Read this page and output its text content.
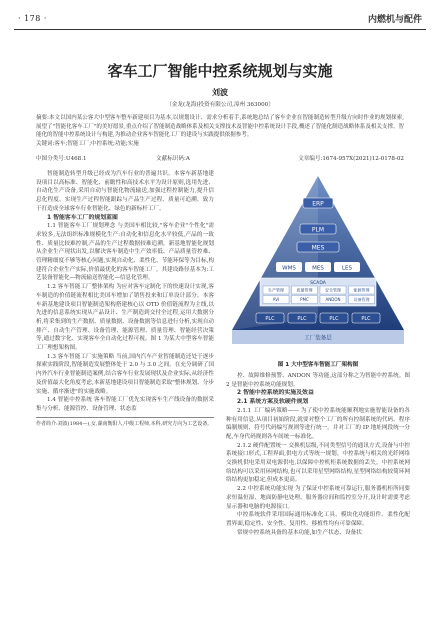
· 178 ·	内燃机与配件
客车工厂智能中控系统规划与实施
刘波
（金龙(龙海)投资有限公司,漳州 363000）
摘要:本文以国内某公客大中型客车整车新建项目为基本,以规划设计、需求分析着手,系统地总结了客车企业在智能制造转型升级方向时作业的规划探索,展望了"智能化客车工厂"的美好愿景,重点介绍了智能制造战略体系及相关支撑技术及智能中控系统设计手段,概述了智能化制造战略体系及相关支撑。智能化的智能中控系统设计与构建,为推动企业客车智能化工厂的建设与实践提供依据参考。
关键词:客车;智能工厂;中控系统;功能;实施
中图分类号:U468.1	文献标识码:A	文章编号:1674-957X(2021)12-0178-02

智能制造转型升级已经成为汽车行业的普遍共识。本客车新基地建设项目以高标准、智能化、前瞻性和高技术水平为设计原则,选用先进、自动化生产设备,采用自动与智能化物流输送,加强过程控制能力,提升信息化程度。实现生产过程智能跟踪与产品生产过程、质量可追溯。致力于打造成全球客车行业智能化、绿色的新标杆工厂。

1 智能客车工厂的规划蓝图

1.1 智能客车工厂规划理念 与美国车相比较,"客车企业"个性化"需求较多,无法组织标准规模化生产:自动化和信息化水平较低,产品的一致性、质量比较难控制,产品的生产过程数据较难追溯。新基地智能化规划从企业生产现状出发,以解决客车制造中生产效率低、产品质量管控难、管理精细度不够等核心问题,实现自动化、柔性化、节能环保等为目标,构建符合企业生产实际,价值最优化的客车智能工厂。其建设路径基本为:工艺装备智能化—物流输送智能化—信息化管理。

1.2 客车智能工厂整体架构 为应对客车定制化下的快速设计实现,客车制造的价值链流程相比美国车增加了销售投来和订单设计部分。本客车新基地建设项目智能制造架构搭建核心以 OTD 价值链流程为主线,以先进的信息系统实现从产品设计、生产制造到交付全过程,运用大数据分析,将采集到的生产数据、质量数据、设备数据等信息进行分析,实现自动排产、自动生产管理、设备管理、能源管理、质量管理、智能经营决策等,通过数字化、实现客车全自动化过程可视。图 1 为某大中型客车智能工厂理想架构图。

1.3 客车智能工厂实施策略 当前,国内汽车产业智能制造还处于逐步探索实践阶段,智能制造发展整体处于 2.0 与 3.0 之间。在充分调研了国内外汽车行业智能制造案例,结合客车行业发展现状及企业实际,从经济性及价值最大化角度考虑,本新基地建设项目智能制造采取"整体规划、分步实施、循序渐进"的实施战略。

1.4 智能中控系统 客车智能工厂优先实现客车生产线设备的数据采集与分析、能源管控、设备管理、状态监

作者简介:刘波(1984—),女,湖南衡阳人,中级工程师,本科,研究方向为工艺设备。

ERP
PLM
MES
WMS	MES	LES
SCADA
生产管理	质量管理	安全管理	能源管理
AVI	PMC	ANDON	设备管理
PLC	PLC	PLC	PLC
工厂装备层
图 1 大中型客车智能工厂架构图

控、故障维修预警、ANDON 等功能,这部分称之为智能中控系统。图 2 是智能中控系统功能规划。

2 智能中控系统的实施及效益
2.1 系统方案及软硬件规划

2.1.1 工厂编码策略—— 为了使中控系统能顺利地实施智能设备的各种有用信息,从项目初始阶段,就要对整个工厂的所有控制系统的代码、程序编制规则、符号代码编写规则等进行统一。并对工厂的 IP 地址网段统一分配,车身代码规则各车间统一标准化。

2.1.2 硬件配置统一 交换机层级,不同类型信号的通讯方式,设备与中控系统接口形式,工程界面,供电方式等统一规划。中控系统与相关的光纤网络交换机供电采用双电源供电,以保障中控机柜系统数据的丢失。中控系统网络结构可以采用环网结构,也可以采用星型网络结构,星型网络结构较简环网络结构更加稳定,但成本更高。

2.2 中控系统功能实现 为了保证中控系统可靠运行,服务器机柜所同要求恒温恒湿、地面防静电处理、服务器房间和监控室分开,设计时需要考虑显示器和电脑的电源接口。

中控系统软件采用国际通用标准化工具、模块化功能组件、柔性化配置界面,稳定性、安全性、复用性、移植性均有可靠保障。

常规中控系统具备的基本功能,如生产状态、设备状
